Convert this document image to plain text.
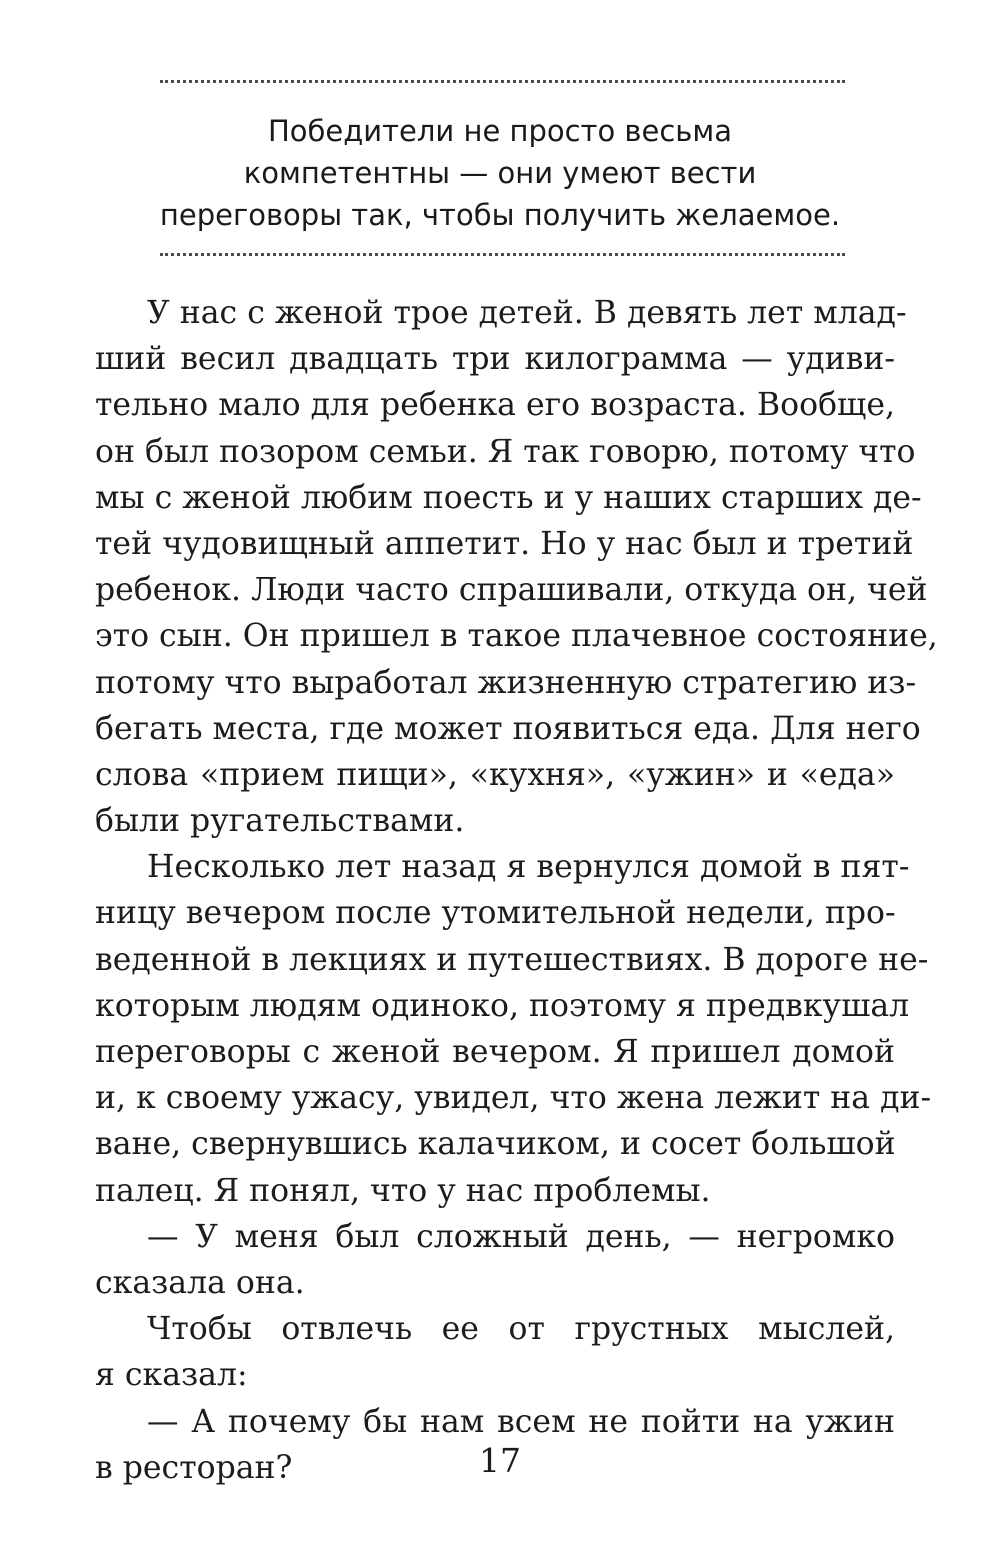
Победители не просто весьма
компетентны — они умеют вести
переговоры так, чтобы получить желаемое.
У нас с женой трое детей. В девять лет млад-
ший весил двадцать три килограмма — удиви-
тельно мало для ребенка его возраста. Вообще,
он был позором семьи. Я так говорю, потому что
мы с женой любим поесть и у наших старших де-
тей чудовищный аппетит. Но у нас был и третий
ребенок. Люди часто спрашивали, откуда он, чей
это сын. Он пришел в такое плачевное состояние,
потому что выработал жизненную стратегию из-
бегать места, где может появиться еда. Для него
слова «прием пищи», «кухня», «ужин» и «еда»
были ругательствами.
Несколько лет назад я вернулся домой в пят-
ницу вечером после утомительной недели, про-
веденной в лекциях и путешествиях. В дороге не-
которым людям одиноко, поэтому я предвкушал
переговоры с женой вечером. Я пришел домой
и, к своему ужасу, увидел, что жена лежит на ди-
ване, свернувшись калачиком, и сосет большой
палец. Я понял, что у нас проблемы.
— У меня был сложный день, — негромко
сказала она.
Чтобы отвлечь ее от грустных мыслей,
я сказал:
— А почему бы нам всем не пойти на ужин
в ресторан?	17
